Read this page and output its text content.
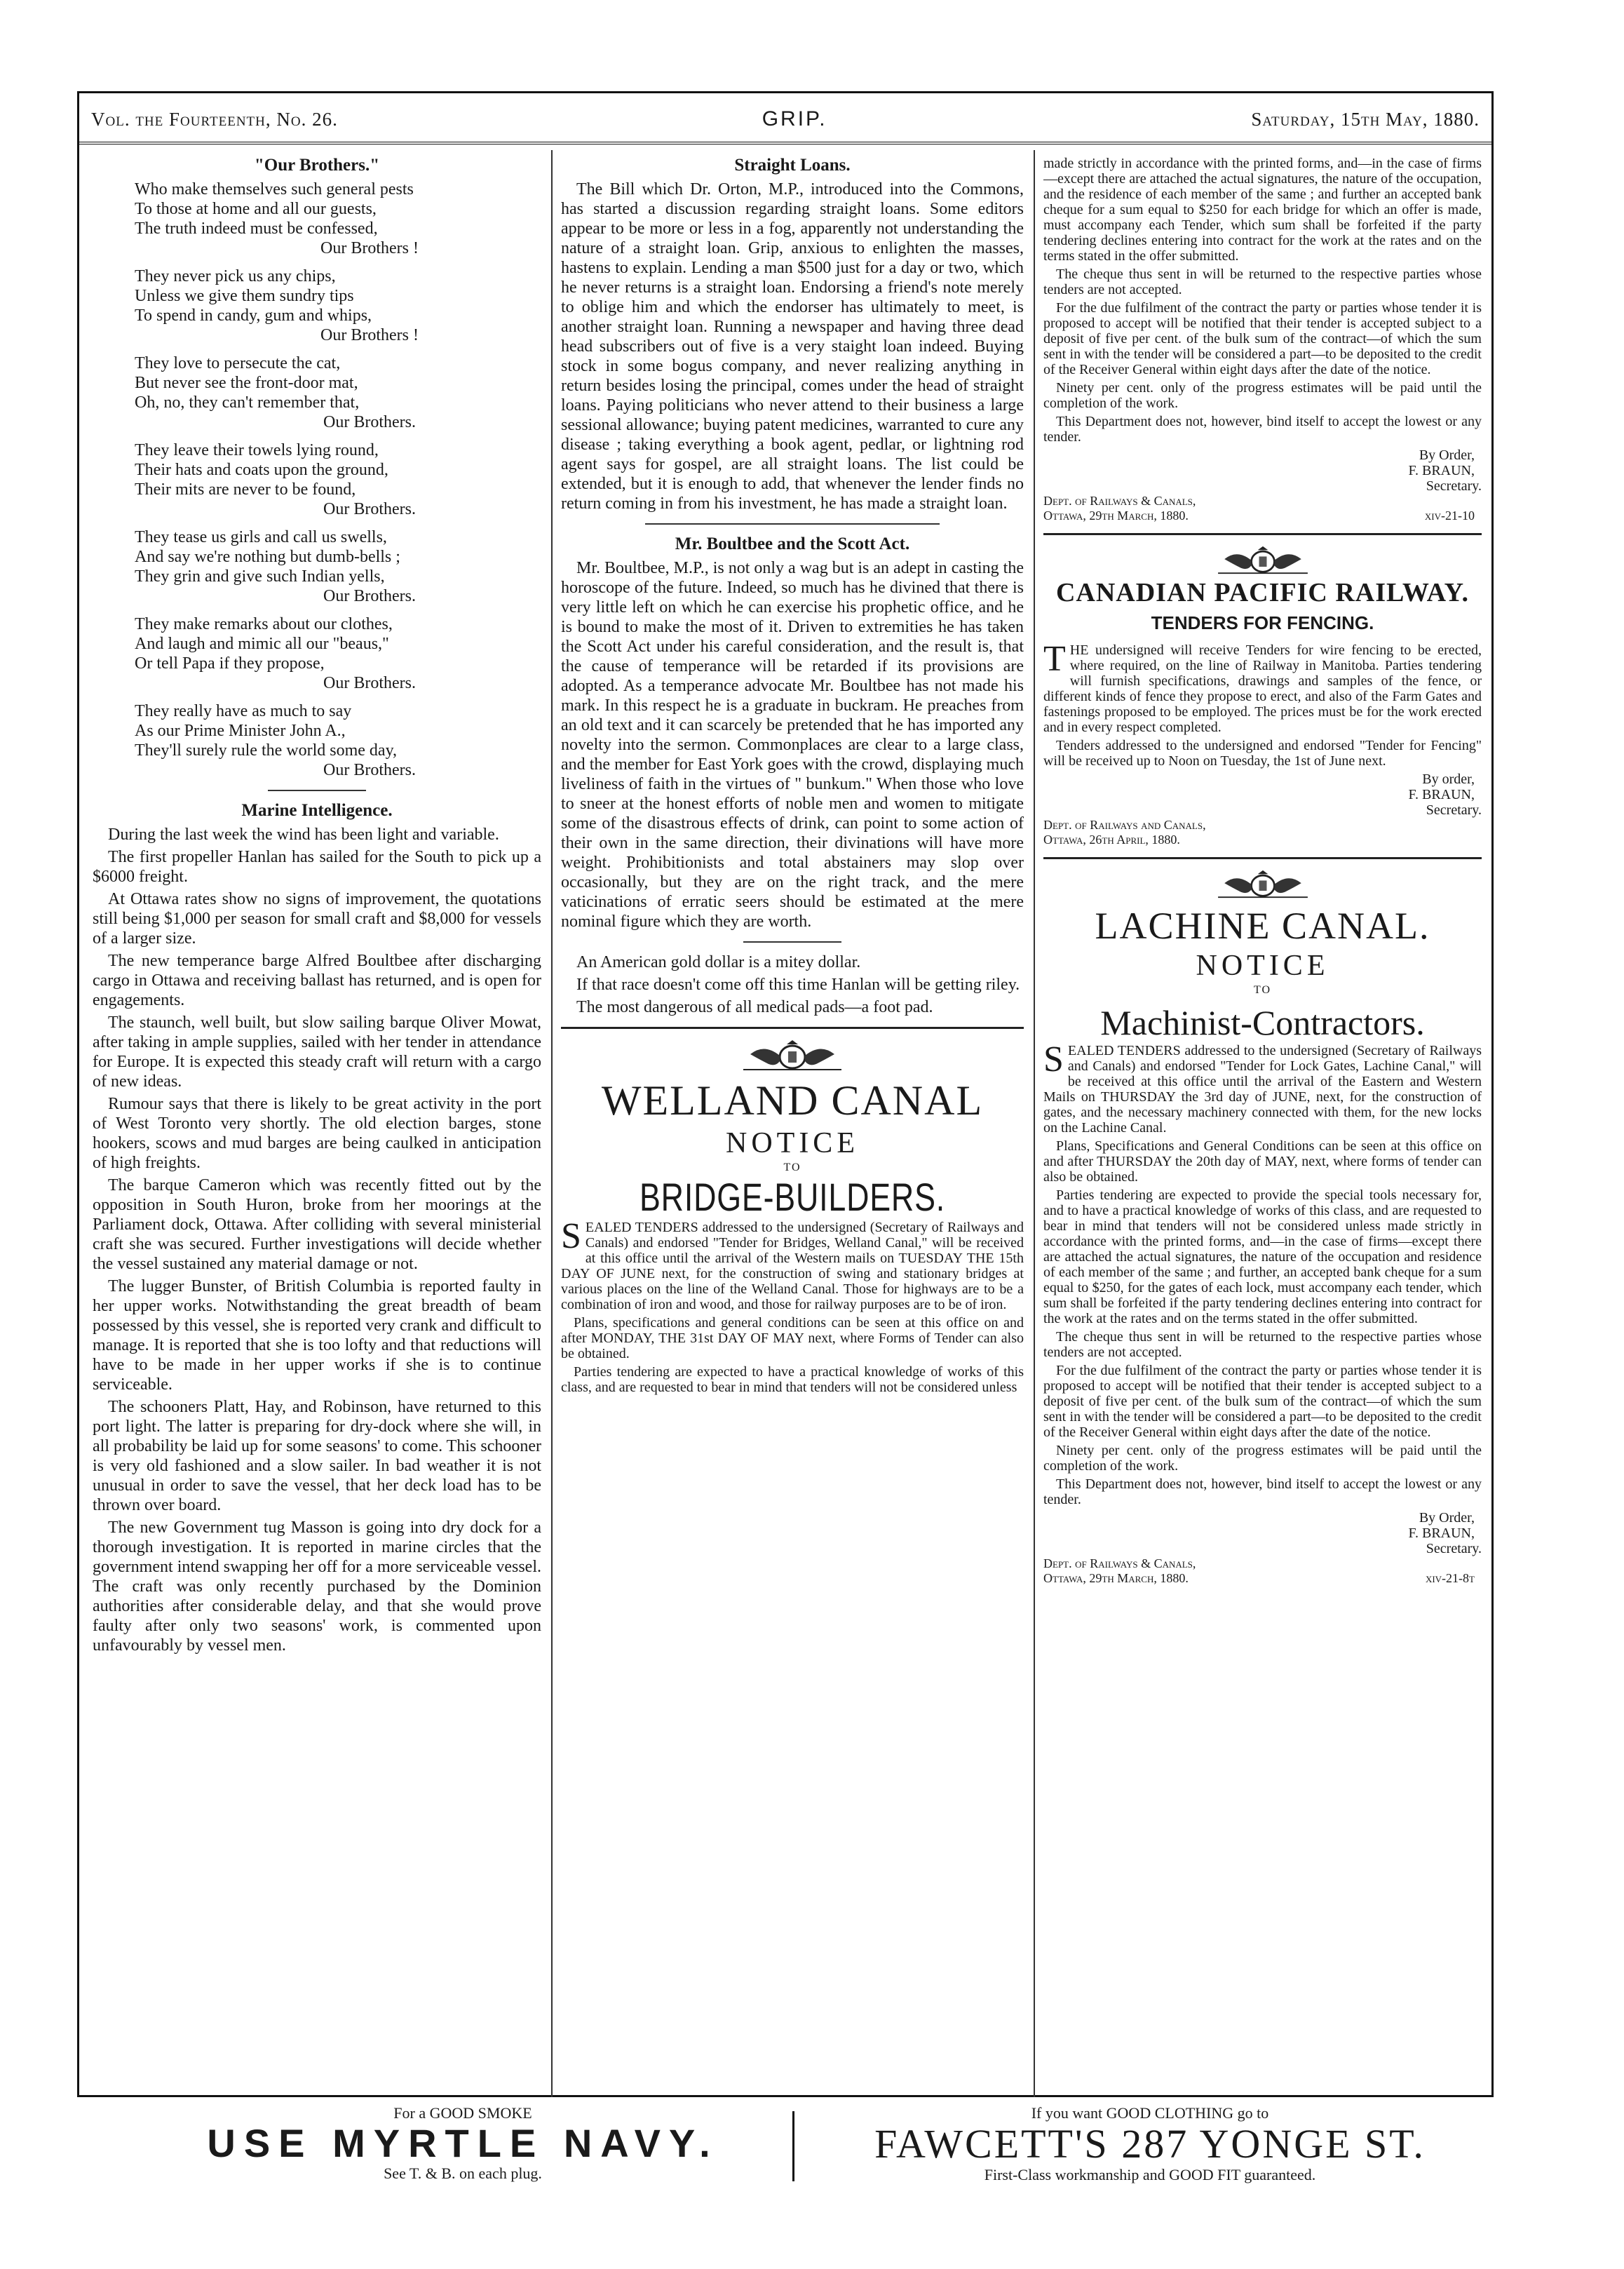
Vol. the Fourteenth, No. 26.	GRIP.	Saturday, 15th May, 1880.
"Our Brothers."

Who make themselves such general pests

To those at home and all our guests,

The truth indeed must be confessed,

Our Brothers !

They never pick us any chips,

Unless we give them sundry tips

To spend in candy, gum and whips,

Our Brothers !

They love to persecute the cat,

But never see the front-door mat,

Oh, no, they can't remember that,

Our Brothers.

They leave their towels lying round,

Their hats and coats upon the ground,

Their mits are never to be found,

Our Brothers.

They tease us girls and call us swells,

And say we're nothing but dumb-bells ;

They grin and give such Indian yells,

Our Brothers.

They make remarks about our clothes,

And laugh and mimic all our "beaus,"

Or tell Papa if they propose,

Our Brothers.

They really have as much to say

As our Prime Minister John A.,

They'll surely rule the world some day,

Our Brothers.

Marine Intelligence.

During the last week the wind has been light and variable.

The first propeller Hanlan has sailed for the South to pick up a $6000 freight.

At Ottawa rates show no signs of improvement, the quotations still being $1,000 per season for small craft and $8,000 for vessels of a larger size.

The new temperance barge Alfred Boultbee after discharging cargo in Ottawa and receiving ballast has returned, and is open for engagements.

The staunch, well built, but slow sailing barque Oliver Mowat, after taking in ample supplies, sailed with her tender in attendance for Europe. It is expected this steady craft will return with a cargo of new ideas.

Rumour says that there is likely to be great activity in the port of West Toronto very shortly. The old election barges, stone hookers, scows and mud barges are being caulked in anticipation of high freights.

The barque Cameron which was recently fitted out by the opposition in South Huron, broke from her moorings at the Parliament dock, Ottawa. After colliding with several ministerial craft she was secured. Further investigations will decide whether the vessel sustained any material damage or not.

The lugger Bunster, of British Columbia is reported faulty in her upper works. Notwithstanding the great breadth of beam possessed by this vessel, she is reported very crank and difficult to manage. It is reported that she is too lofty and that reductions will have to be made in her upper works if she is to continue serviceable.

The schooners Platt, Hay, and Robinson, have returned to this port light. The latter is preparing for dry-dock where she will, in all probability be laid up for some seasons' to come. This schooner is very old fashioned and a slow sailer. In bad weather it is not unusual in order to save the vessel, that her deck load has to be thrown over board.

The new Government tug Masson is going into dry dock for a thorough investigation. It is reported in marine circles that the government intend swapping her off for a more serviceable vessel. The craft was only recently purchased by the Dominion authorities after considerable delay, and that she would prove faulty after only two seasons' work, is commented upon unfavourably by vessel men.

Straight Loans.

The Bill which Dr. Orton, M.P., introduced into the Commons, has started a discussion regarding straight loans. Some editors appear to be more or less in a fog, apparently not understanding the nature of a straight loan. Grip, anxious to enlighten the masses, hastens to explain. Lending a man $500 just for a day or two, which he never returns is a straight loan. Endorsing a friend's note merely to oblige him and which the endorser has ultimately to meet, is another straight loan. Running a newspaper and having three dead head subscribers out of five is a very staight loan indeed. Buying stock in some bogus company, and never realizing anything in return besides losing the principal, comes under the head of straight loans. Paying politicians who never attend to their business a large sessional allowance; buying patent medicines, warranted to cure any disease ; taking everything a book agent, pedlar, or lightning rod agent says for gospel, are all straight loans. The list could be extended, but it is enough to add, that whenever the lender finds no return coming in from his investment, he has made a straight loan.

Mr. Boultbee and the Scott Act.

Mr. Boultbee, M.P., is not only a wag but is an adept in casting the horoscope of the future. Indeed, so much has he divined that there is very little left on which he can exercise his prophetic office, and he is bound to make the most of it. Driven to extremities he has taken the Scott Act under his careful consideration, and the result is, that the cause of temperance will be retarded if its provisions are adopted. As a temperance advocate Mr. Boultbee has not made his mark. In this respect he is a graduate in buckram. He preaches from an old text and it can scarcely be pretended that he has imported any novelty into the sermon. Commonplaces are clear to a large class, and the member for East York goes with the crowd, displaying much liveliness of faith in the virtues of " bunkum." When those who love to sneer at the honest efforts of noble men and women to mitigate some of the disastrous effects of drink, can point to some action of their own in the same direction, their divinations will have more weight. Prohibitionists and total abstainers may slop over occasionally, but they are on the right track, and the mere vaticinations of erratic seers should be estimated at the mere nominal figure which they are worth.

An American gold dollar is a mitey dollar.

If that race doesn't come off this time Hanlan will be getting riley.

The most dangerous of all medical pads—a foot pad.

WELLAND CANAL
NOTICE
TO
BRIDGE-BUILDERS.

SEALED TENDERS addressed to the undersigned (Secretary of Railways and Canals) and endorsed "Tender for Bridges, Welland Canal," will be received at this office until the arrival of the Western mails on TUESDAY THE 15th DAY OF JUNE next, for the construction of swing and stationary bridges at various places on the line of the Welland Canal. Those for highways are to be a combination of iron and wood, and those for railway purposes are to be of iron.

Plans, specifications and general conditions can be seen at this office on and after MONDAY, THE 31st DAY OF MAY next, where Forms of Tender can also be obtained.

Parties tendering are expected to have a practical knowledge of works of this class, and are requested to bear in mind that tenders will not be considered unless

made strictly in accordance with the printed forms, and—in the case of firms—except there are attached the actual signatures, the nature of the occupation, and the residence of each member of the same ; and further an accepted bank cheque for a sum equal to $250 for each bridge for which an offer is made, must accompany each Tender, which sum shall be forfeited if the party tendering declines entering into contract for the work at the rates and on the terms stated in the offer submitted.

The cheque thus sent in will be returned to the respective parties whose tenders are not accepted.

For the due fulfilment of the contract the party or parties whose tender it is proposed to accept will be notified that their tender is accepted subject to a deposit of five per cent. of the bulk sum of the contract—of which the sum sent in with the tender will be considered a part—to be deposited to the credit of the Receiver General within eight days after the date of the notice.

Ninety per cent. only of the progress estimates will be paid until the completion of the work.

This Department does not, however, bind itself to accept the lowest or any tender.

By Order,
F. BRAUN,
Secretary.
Dept. of Railways & Canals,
Ottawa, 29th March, 1880.	xiv-21-10
CANADIAN PACIFIC RAILWAY.
TENDERS FOR FENCING.

THE undersigned will receive Tenders for wire fencing to be erected, where required, on the line of Railway in Manitoba. Parties tendering will furnish specifications, drawings and samples of the fence, or different kinds of fence they propose to erect, and also of the Farm Gates and fastenings proposed to be employed. The prices must be for the work erected and in every respect completed.

Tenders addressed to the undersigned and endorsed "Tender for Fencing" will be received up to Noon on Tuesday, the 1st of June next.

By order,
F. BRAUN,
Secretary.
Dept. of Railways and Canals,
Ottawa, 26th April, 1880.
LACHINE CANAL.
NOTICE
TO
Machinist-Contractors.

SEALED TENDERS addressed to the undersigned (Secretary of Railways and Canals) and endorsed "Tender for Lock Gates, Lachine Canal," will be received at this office until the arrival of the Eastern and Western Mails on THURSDAY the 3rd day of JUNE, next, for the construction of gates, and the necessary machinery connected with them, for the new locks on the Lachine Canal.

Plans, Specifications and General Conditions can be seen at this office on and after THURSDAY the 20th day of MAY, next, where forms of tender can also be obtained.

Parties tendering are expected to provide the special tools necessary for, and to have a practical knowledge of works of this class, and are requested to bear in mind that tenders will not be considered unless made strictly in accordance with the printed forms, and—in the case of firms—except there are attached the actual signatures, the nature of the occupation and residence of each member of the same ; and further, an accepted bank cheque for a sum equal to $250, for the gates of each lock, must accompany each tender, which sum shall be forfeited if the party tendering declines entering into contract for the work at the rates and on the terms stated in the offer submitted.

The cheque thus sent in will be returned to the respective parties whose tenders are not accepted.

For the due fulfilment of the contract the party or parties whose tender it is proposed to accept will be notified that their tender is accepted subject to a deposit of five per cent. of the bulk sum of the contract—of which the sum sent in with the tender will be considered a part—to be deposited to the credit of the Receiver General within eight days after the date of the notice.

Ninety per cent. only of the progress estimates will be paid until the completion of the work.

This Department does not, however, bind itself to accept the lowest or any tender.

By Order,
F. BRAUN,
Secretary.
Dept. of Railways & Canals,
Ottawa, 29th March, 1880.	xiv-21-8t
For a GOOD SMOKE
USE MYRTLE NAVY.
See T. & B. on each plug.
If you want GOOD CLOTHING go to
FAWCETT'S 287 YONGE ST.
First-Class workmanship and GOOD FIT guaranteed.
